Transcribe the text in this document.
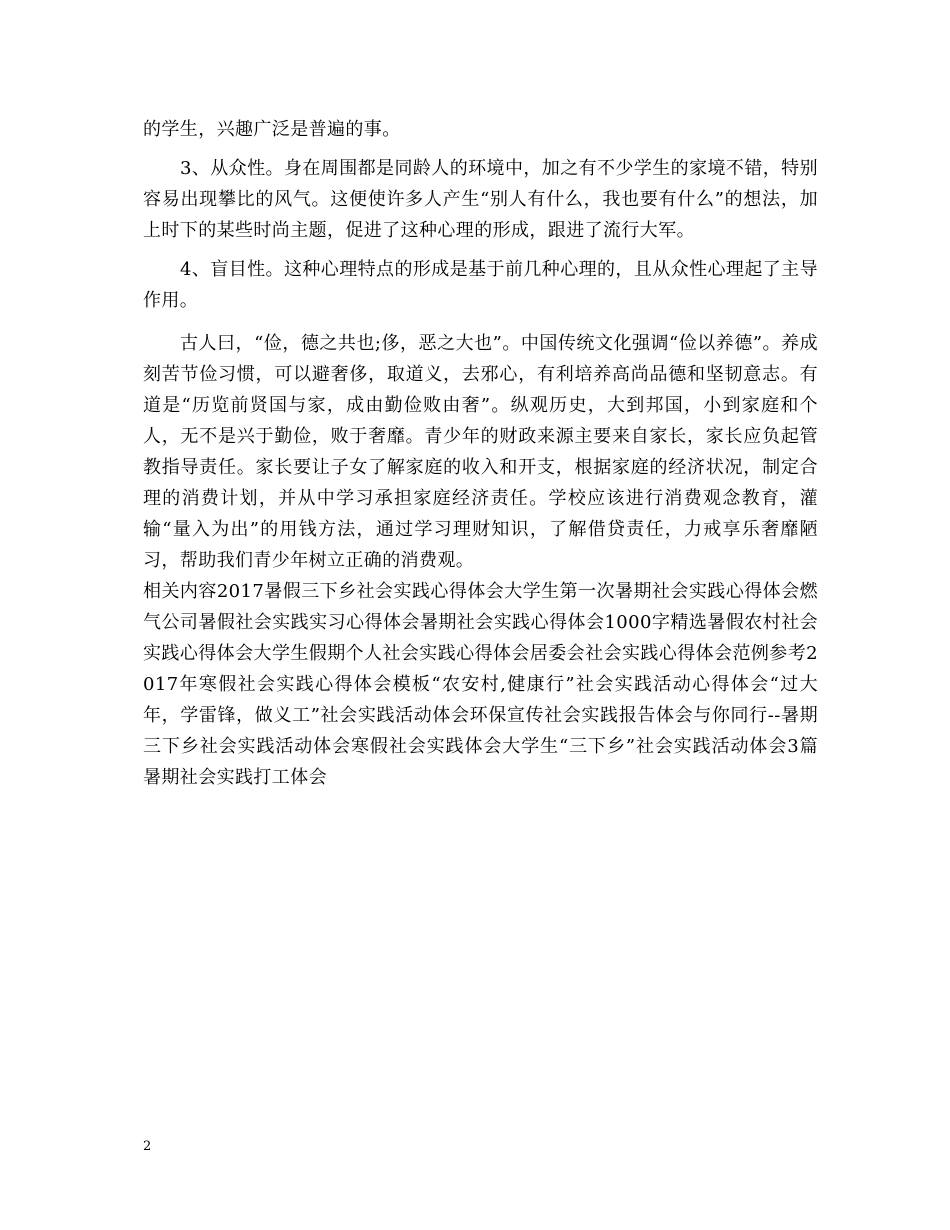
的学生，兴趣广泛是普遍的事。

3、从众性。身在周围都是同龄人的环境中，加之有不少学生的家境不错，特别容易出现攀比的风气。这便使许多人产生“别人有什么，我也要有什么”的想法，加上时下的某些时尚主题，促进了这种心理的形成，跟进了流行大军。

4、盲目性。这种心理特点的形成是基于前几种心理的，且从众性心理起了主导作用。

古人曰，“俭，德之共也;侈，恶之大也”。中国传统文化强调“俭以养德”。养成刻苦节俭习惯，可以避奢侈，取道义，去邪心，有利培养高尚品德和坚韧意志。有道是“历览前贤国与家，成由勤俭败由奢”。纵观历史，大到邦国，小到家庭和个人，无不是兴于勤俭，败于奢靡。青少年的财政来源主要来自家长，家长应负起管教指导责任。家长要让子女了解家庭的收入和开支，根据家庭的经济状况，制定合理的消费计划，并从中学习承担家庭经济责任。学校应该进行消费观念教育，灌输“量入为出”的用钱方法，通过学习理财知识，了解借贷责任，力戒享乐奢靡陋习，帮助我们青少年树立正确的消费观。

相关内容2017暑假三下乡社会实践心得体会大学生第一次暑期社会实践心得体会燃气公司暑假社会实践实习心得体会暑期社会实践心得体会1000字精选暑假农村社会实践心得体会大学生假期个人社会实践心得体会居委会社会实践心得体会范例参考2017年寒假社会实践心得体会模板“农安村,健康行”社会实践活动心得体会“过大年，学雷锋，做义工”社会实践活动体会环保宣传社会实践报告体会与你同行--暑期三下乡社会实践活动体会寒假社会实践体会大学生“三下乡”社会实践活动体会3篇暑期社会实践打工体会

2
